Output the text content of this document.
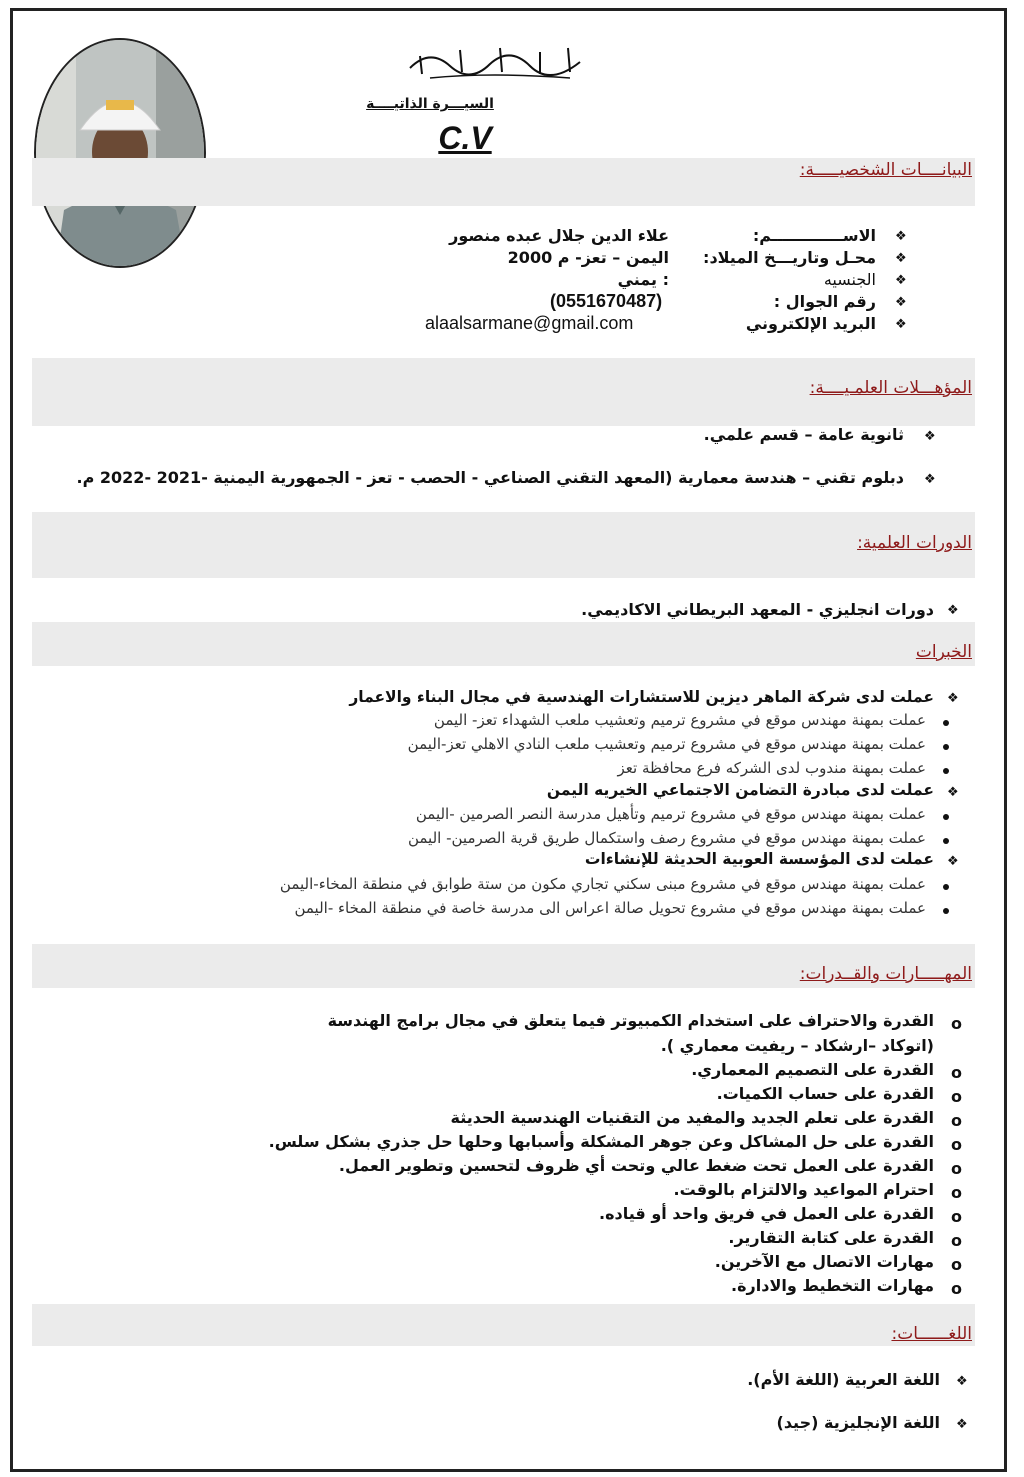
السيـــرة الذاتيــــة
C.V
البيانــــات الشخصيـــــة:
❖
الاســـــــــــــم:
علاء الدين جلال عبده منصور
❖
محـل وتاريـــخ الميلاد:
اليمن – تعز- م 2000
❖
الجنسيه
: يمني
❖
رقم الجوال :
(0551670487)
❖
البريد الإلكتروني
alaalsarmane@gmail.com
المؤهـــلات العلمـيــــة:
❖
ثانوية عامة – قسم علمي.
❖
دبلوم تقني – هندسة معمارية (المعهد التقني الصناعي - الحصب - تعز - الجمهورية اليمنية -2021 -2022 م.
الدورات العلمية:
❖
دورات انجليزي - المعهد البريطاني الاكاديمي.
الخبرات
❖
عملت لدى شركة الماهر ديزين للاستشارات الهندسية في مجال البناء والاعمار
عملت بمهنة مهندس موقع في مشروع ترميم وتعشيب ملعب الشهداء تعز- اليمن
عملت بمهنة مهندس موقع في مشروع ترميم وتعشيب ملعب النادي الاهلي تعز-اليمن
عملت بمهنة مندوب لدى الشركه فرع محافظة تعز
❖
عملت لدى مبادرة التضامن الاجتماعي الخيريه اليمن
عملت بمهنة مهندس موقع في مشروع ترميم وتأهيل مدرسة النصر الصرمين -اليمن
عملت بمهنة مهندس موقع في مشروع رصف واستكمال طريق قرية الصرمين- اليمن
❖
عملت لدى المؤسسة العوبية الحديثة للإنشاءات
عملت بمهنة مهندس موقع في مشروع مبنى سكني تجاري مكون من ستة طوابق في منطقة المخاء-اليمن
عملت بمهنة مهندس موقع في مشروع تحويل صالة اعراس الى مدرسة خاصة في منطقة المخاء -اليمن
المهـــــارات والقــدرات:
o
القدرة والاحتراف على استخدام الكمبيوتر فيما يتعلق في مجال برامج الهندسة
(اتوكاد –ارشكاد – ريفيت معماري ).
o
القدرة على التصميم المعماري.
o
القدرة على حساب الكميات.
o
القدرة على تعلم الجديد والمفيد من التقنيات الهندسية الحديثة
o
القدرة على حل المشاكل وعن جوهر المشكلة وأسبابها وحلها حل جذري بشكل سلس.
o
القدرة على العمل تحت ضغط عالي وتحت أي ظروف لتحسين وتطوير العمل.
o
احترام المواعيد والالتزام بالوقت.
o
القدرة على العمل في فريق واحد أو قياده.
o
القدرة على كتابة التقارير.
o
مهارات الاتصال مع الآخرين.
o
مهارات التخطيط والادارة.
اللغــــــات:
❖
اللغة العربية (اللغة الأم).
❖
اللغة الإنجليزية (جيد)
